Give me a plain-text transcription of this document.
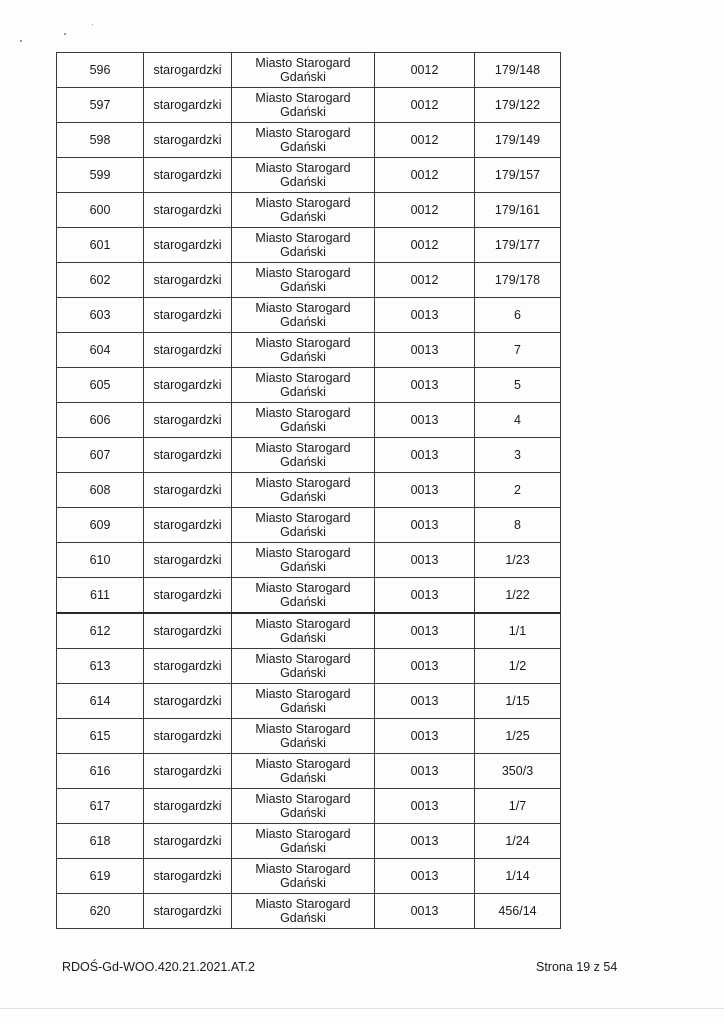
596	starogardzki	Miasto Starogard
Gdański	0012	179/148
597	starogardzki	Miasto Starogard
Gdański	0012	179/122
598	starogardzki	Miasto Starogard
Gdański	0012	179/149
599	starogardzki	Miasto Starogard
Gdański	0012	179/157
600	starogardzki	Miasto Starogard
Gdański	0012	179/161
601	starogardzki	Miasto Starogard
Gdański	0012	179/177
602	starogardzki	Miasto Starogard
Gdański	0012	179/178
603	starogardzki	Miasto Starogard
Gdański	0013	6
604	starogardzki	Miasto Starogard
Gdański	0013	7
605	starogardzki	Miasto Starogard
Gdański	0013	5
606	starogardzki	Miasto Starogard
Gdański	0013	4
607	starogardzki	Miasto Starogard
Gdański	0013	3
608	starogardzki	Miasto Starogard
Gdański	0013	2
609	starogardzki	Miasto Starogard
Gdański	0013	8
610	starogardzki	Miasto Starogard
Gdański	0013	1/23
611	starogardzki	Miasto Starogard
Gdański	0013	1/22
612	starogardzki	Miasto Starogard
Gdański	0013	1/1
613	starogardzki	Miasto Starogard
Gdański	0013	1/2
614	starogardzki	Miasto Starogard
Gdański	0013	1/15
615	starogardzki	Miasto Starogard
Gdański	0013	1/25
616	starogardzki	Miasto Starogard
Gdański	0013	350/3
617	starogardzki	Miasto Starogard
Gdański	0013	1/7
618	starogardzki	Miasto Starogard
Gdański	0013	1/24
619	starogardzki	Miasto Starogard
Gdański	0013	1/14
620	starogardzki	Miasto Starogard
Gdański	0013	456/14
RDOŚ-Gd-WOO.420.21.2021.AT.2	Strona 19 z 54
